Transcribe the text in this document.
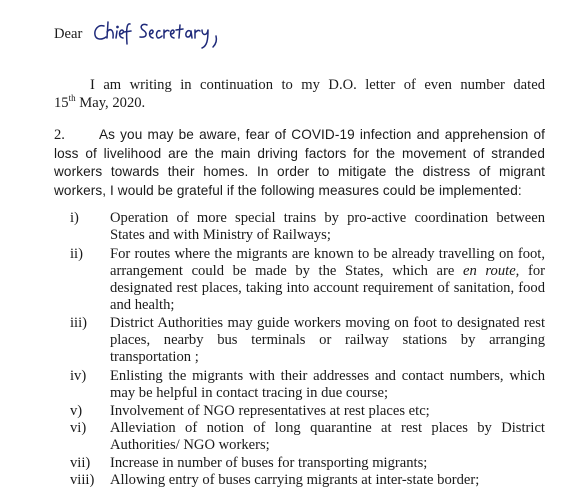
Dear
I am writing in continuation to my D.O. letter of even number dated
15th May, 2020.
2.	As you may be aware, fear of COVID-19 infection and apprehension of loss of livelihood are the main driving factors for the movement of stranded workers towards their homes. In order to mitigate the distress of migrant workers, I would be grateful if the following measures could be implemented:
i)	Operation of more special trains by pro-active coordination between States and with Ministry of Railways;
ii)	For routes where the migrants are known to be already travelling on foot, arrangement could be made by the States, which are en route, for designated rest places, taking into account requirement of sanitation, food and health;
iii)	District Authorities may guide workers moving on foot to designated rest places, nearby bus terminals or railway stations by arranging transportation ;
iv)	Enlisting the migrants with their addresses and contact numbers, which may be helpful in contact tracing in due course;
v)	Involvement of NGO representatives at rest places etc;
vi)	Alleviation of notion of long quarantine at rest places by District Authorities/ NGO workers;
vii)	Increase in number of buses for transporting migrants;
viii)	Allowing entry of buses carrying migrants at inter-state border;
